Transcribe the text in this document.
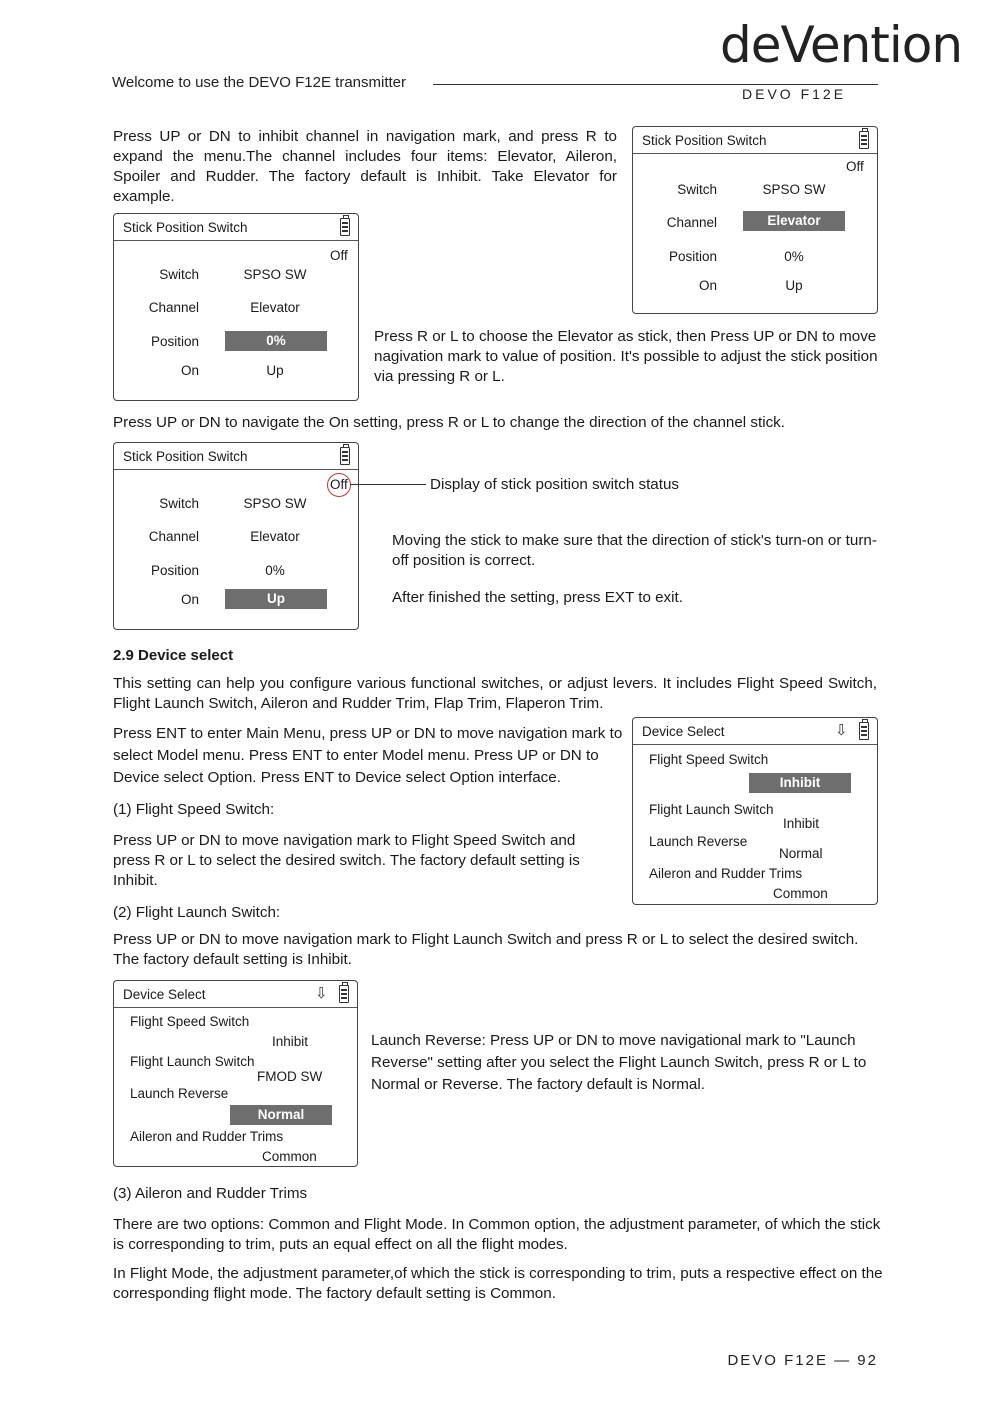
Welcome to use the DEVO F12E transmitter
deVention
DEVO F12E
Press UP or DN to inhibit channel in navigation mark, and press R to expand the menu.The channel includes four items: Elevator, Aileron, Spoiler and Rudder. The factory default is Inhibit. Take Elevator for example.
Stick Position Switch
Off
Switch	SPSO SW
Channel	Elevator
Position	0%
On	Up
Stick Position Switch
Off
Switch	SPSO SW
Channel	Elevator
Position	0%
On	Up
Press R or L to choose the Elevator as stick, then Press UP or DN to move nagivation mark to value of position. It's possible to adjust the stick position via pressing R or L.
Press UP or DN to navigate the On setting, press R or L to change the direction of the channel stick.
Stick Position Switch
Off
Switch	SPSO SW
Channel	Elevator
Position	0%
On	Up
Display of stick position switch status
Moving the stick to make sure that the direction of stick's turn-on or turn-off position is correct.
After finished the setting, press EXT to exit.
2.9 Device select
This setting can help you configure various functional switches, or adjust levers. It includes Flight Speed Switch, Flight Launch Switch, Aileron and Rudder Trim, Flap Trim, Flaperon Trim.
Press ENT to enter Main Menu, press UP or DN to move navigation mark to select Model menu. Press ENT to enter Model menu. Press UP or DN to Device select Option. Press ENT to Device select Option interface.
Device Select	⇩
Flight Speed Switch
Inhibit
Flight Launch Switch
Inhibit
Launch Reverse
Normal
Aileron and Rudder Trims
Common
(1) Flight Speed Switch:
Press UP or DN to move navigation mark to Flight Speed Switch and press R or L to select the desired switch. The factory default setting is Inhibit.
(2) Flight Launch Switch:
Press UP or DN to move navigation mark to Flight Launch Switch and press R or L to select the desired switch. The factory default setting is Inhibit.
Device Select	⇩
Flight Speed Switch
Inhibit
Flight Launch Switch
FMOD SW
Launch Reverse
Normal
Aileron and Rudder Trims
Common
Launch Reverse: Press UP or DN to move navigational mark to "Launch Reverse" setting after you select the Flight Launch Switch, press R or L to Normal or Reverse. The factory default is Normal.
(3) Aileron and Rudder Trims
There are two options: Common and Flight Mode. In Common option, the adjustment parameter, of which the stick is corresponding to trim, puts an equal effect on all the flight modes.
In Flight Mode, the adjustment parameter,of which the stick is corresponding to trim, puts a respective effect on the corresponding flight mode. The factory default setting is Common.
DEVO F12E — 92
